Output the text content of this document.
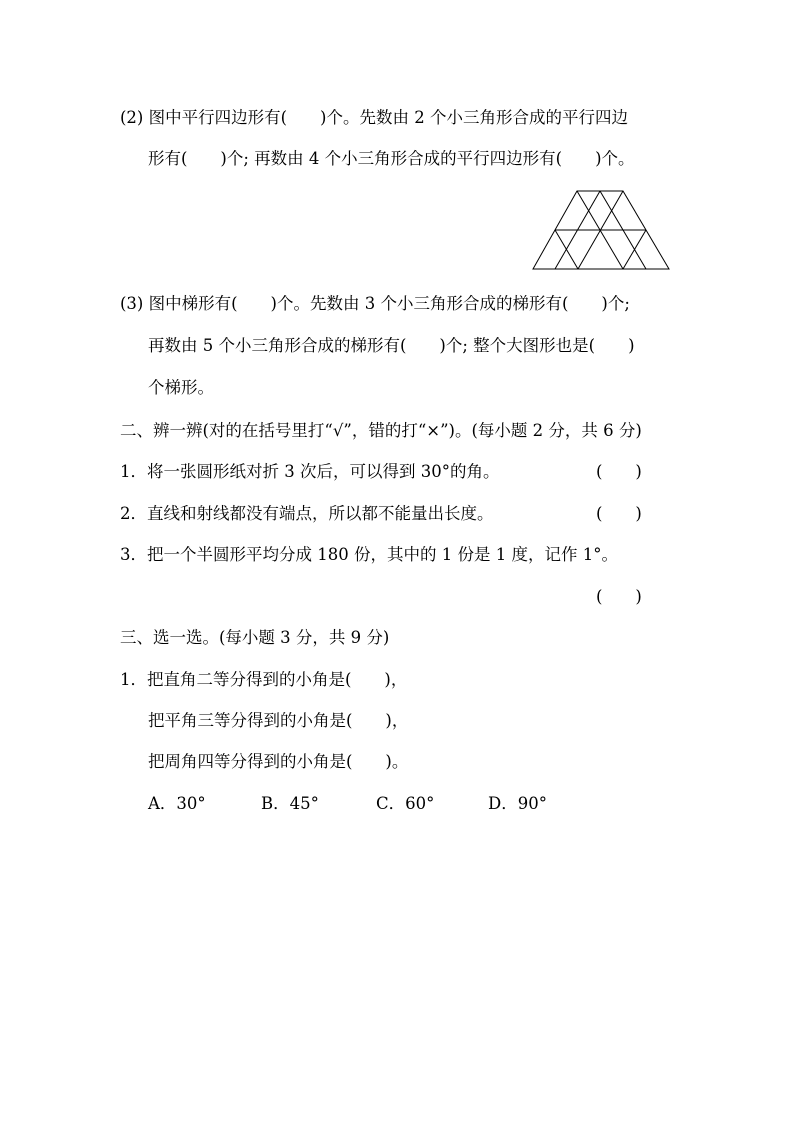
(2) 图中平行四边形有(　　)个。先数由 2 个小三角形合成的平行四边
形有(　　)个; 再数由 4 个小三角形合成的平行四边形有(　　)个。
(3) 图中梯形有(　　)个。先数由 3 个小三角形合成的梯形有(　　)个;
再数由 5 个小三角形合成的梯形有(　　)个; 整个大图形也是(　　)
个梯形。
二、辨一辨(对的在括号里打“√”，错的打“×”)。(每小题 2 分，共 6 分)
1．将一张圆形纸对折 3 次后，可以得到 30°的角。	(　　)
2．直线和射线都没有端点，所以都不能量出长度。	(　　)
3．把一个半圆形平均分成 180 份，其中的 1 份是 1 度，记作 1°。
(　　)
三、选一选。(每小题 3 分，共 9 分)
1．把直角二等分得到的小角是(　　)，
把平角三等分得到的小角是(　　)，
把周角四等分得到的小角是(　　)。
A．30°	B．45°	C．60°	D．90°
